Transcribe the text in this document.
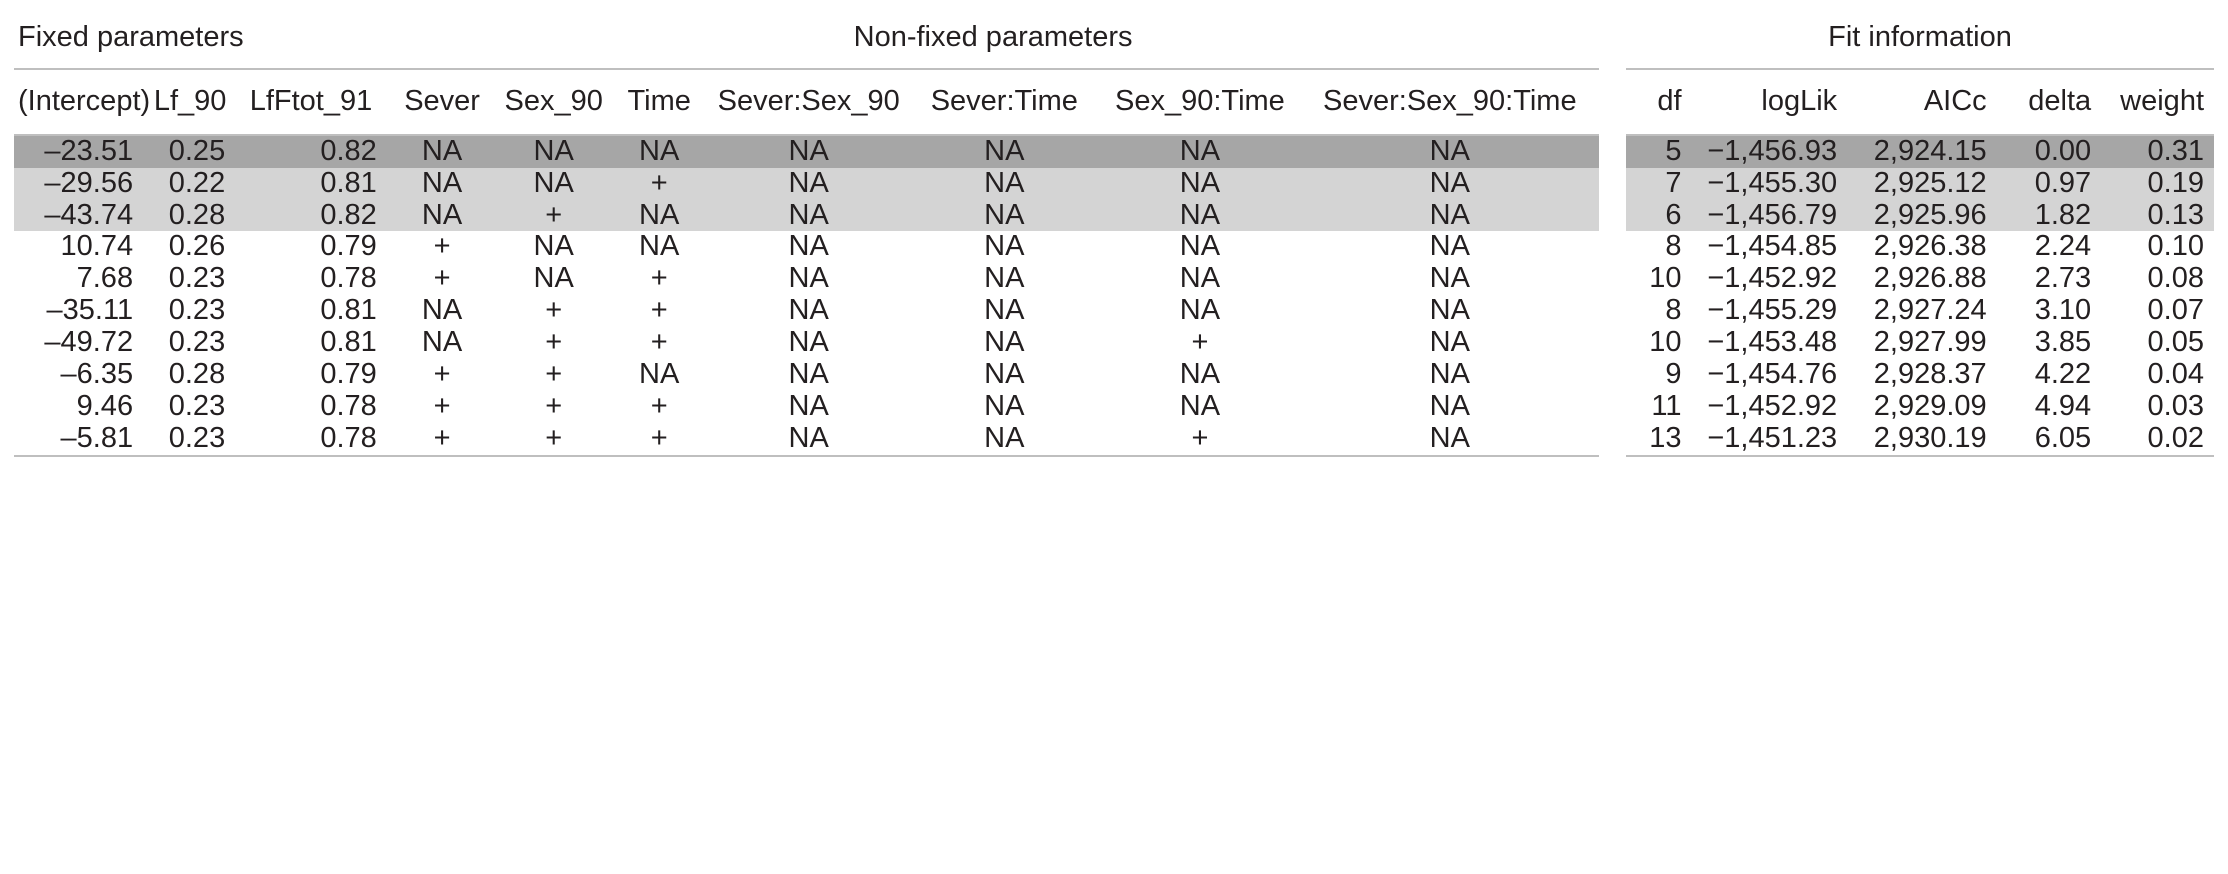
Fixed parameters			Non-fixed parameters								Fit information				
(Intercept)	Lf_90	LfFtot_91	Sever	Sex_90	Time	Sever:Sex_90	Sever:Time	Sex_90:Time	Sever:Sex_90:Time		df	logLik	AICc	delta	weight
–23.51	0.25	0.82	NA	NA	NA	NA	NA	NA	NA		5	−1,456.93	2,924.15	0.00	0.31
–29.56	0.22	0.81	NA	NA	+	NA	NA	NA	NA		7	−1,455.30	2,925.12	0.97	0.19
–43.74	0.28	0.82	NA	+	NA	NA	NA	NA	NA		6	−1,456.79	2,925.96	1.82	0.13
10.74	0.26	0.79	+	NA	NA	NA	NA	NA	NA		8	−1,454.85	2,926.38	2.24	0.10
7.68	0.23	0.78	+	NA	+	NA	NA	NA	NA		10	−1,452.92	2,926.88	2.73	0.08
–35.11	0.23	0.81	NA	+	+	NA	NA	NA	NA		8	−1,455.29	2,927.24	3.10	0.07
–49.72	0.23	0.81	NA	+	+	NA	NA	+	NA		10	−1,453.48	2,927.99	3.85	0.05
–6.35	0.28	0.79	+	+	NA	NA	NA	NA	NA		9	−1,454.76	2,928.37	4.22	0.04
9.46	0.23	0.78	+	+	+	NA	NA	NA	NA		11	−1,452.92	2,929.09	4.94	0.03
–5.81	0.23	0.78	+	+	+	NA	NA	+	NA		13	−1,451.23	2,930.19	6.05	0.02
